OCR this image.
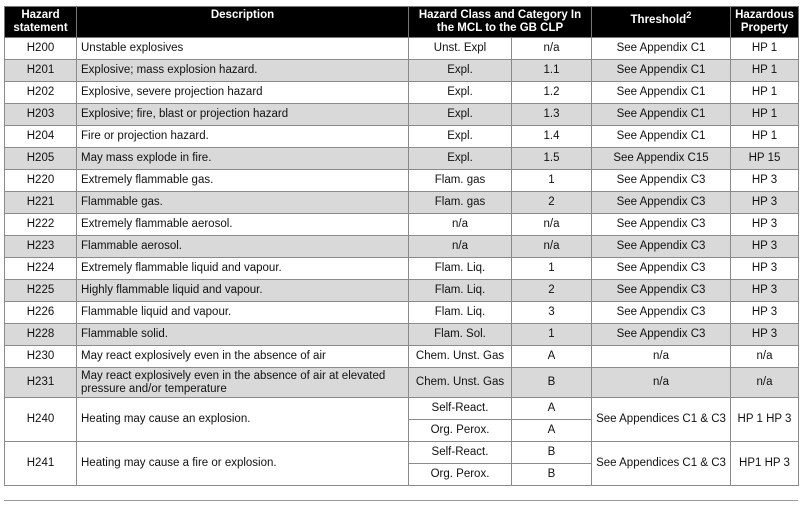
Hazard statement	Description	Hazard Class and Category In the MCL to the GB CLP		Threshold$^2$	Hazardous Property
H200	Unstable explosives	Unst. Expl	n/a	See Appendix C1	HP 1
H201	Explosive; mass explosion hazard.	Expl.	1.1	See Appendix C1	HP 1
H202	Explosive, severe projection hazard	Expl.	1.2	See Appendix C1	HP 1
H203	Explosive; fire, blast or projection hazard	Expl.	1.3	See Appendix C1	HP 1
H204	Fire or projection hazard.	Expl.	1.4	See Appendix C1	HP 1
H205	May mass explode in fire.	Expl.	1.5	See Appendix C15	HP 15
H220	Extremely flammable gas.	Flam. gas	1	See Appendix C3	HP 3
H221	Flammable gas.	Flam. gas	2	See Appendix C3	HP 3
H222	Extremely flammable aerosol.	n/a	n/a	See Appendix C3	HP 3
H223	Flammable aerosol.	n/a	n/a	See Appendix C3	HP 3
H224	Extremely flammable liquid and vapour.	Flam. Liq.	1	See Appendix C3	HP 3
H225	Highly flammable liquid and vapour.	Flam. Liq.	2	See Appendix C3	HP 3
H226	Flammable liquid and vapour.	Flam. Liq.	3	See Appendix C3	HP 3
H228	Flammable solid.	Flam. Sol.	1	See Appendix C3	HP 3
H230	May react explosively even in the absence of air	Chem. Unst. Gas	A	n/a	n/a
H231	May react explosively even in the absence of air at elevated pressure and/or temperature	Chem. Unst. Gas	B	n/a	n/a
H240	Heating may cause an explosion.	Self-React.	A	See Appendices C1 & C3	HP 1 HP 3
		Org. Perox.	A		
H241	Heating may cause a fire or explosion.	Self-React.	B	See Appendices C1 & C3	HP1 HP 3
		Org. Perox.	B		
